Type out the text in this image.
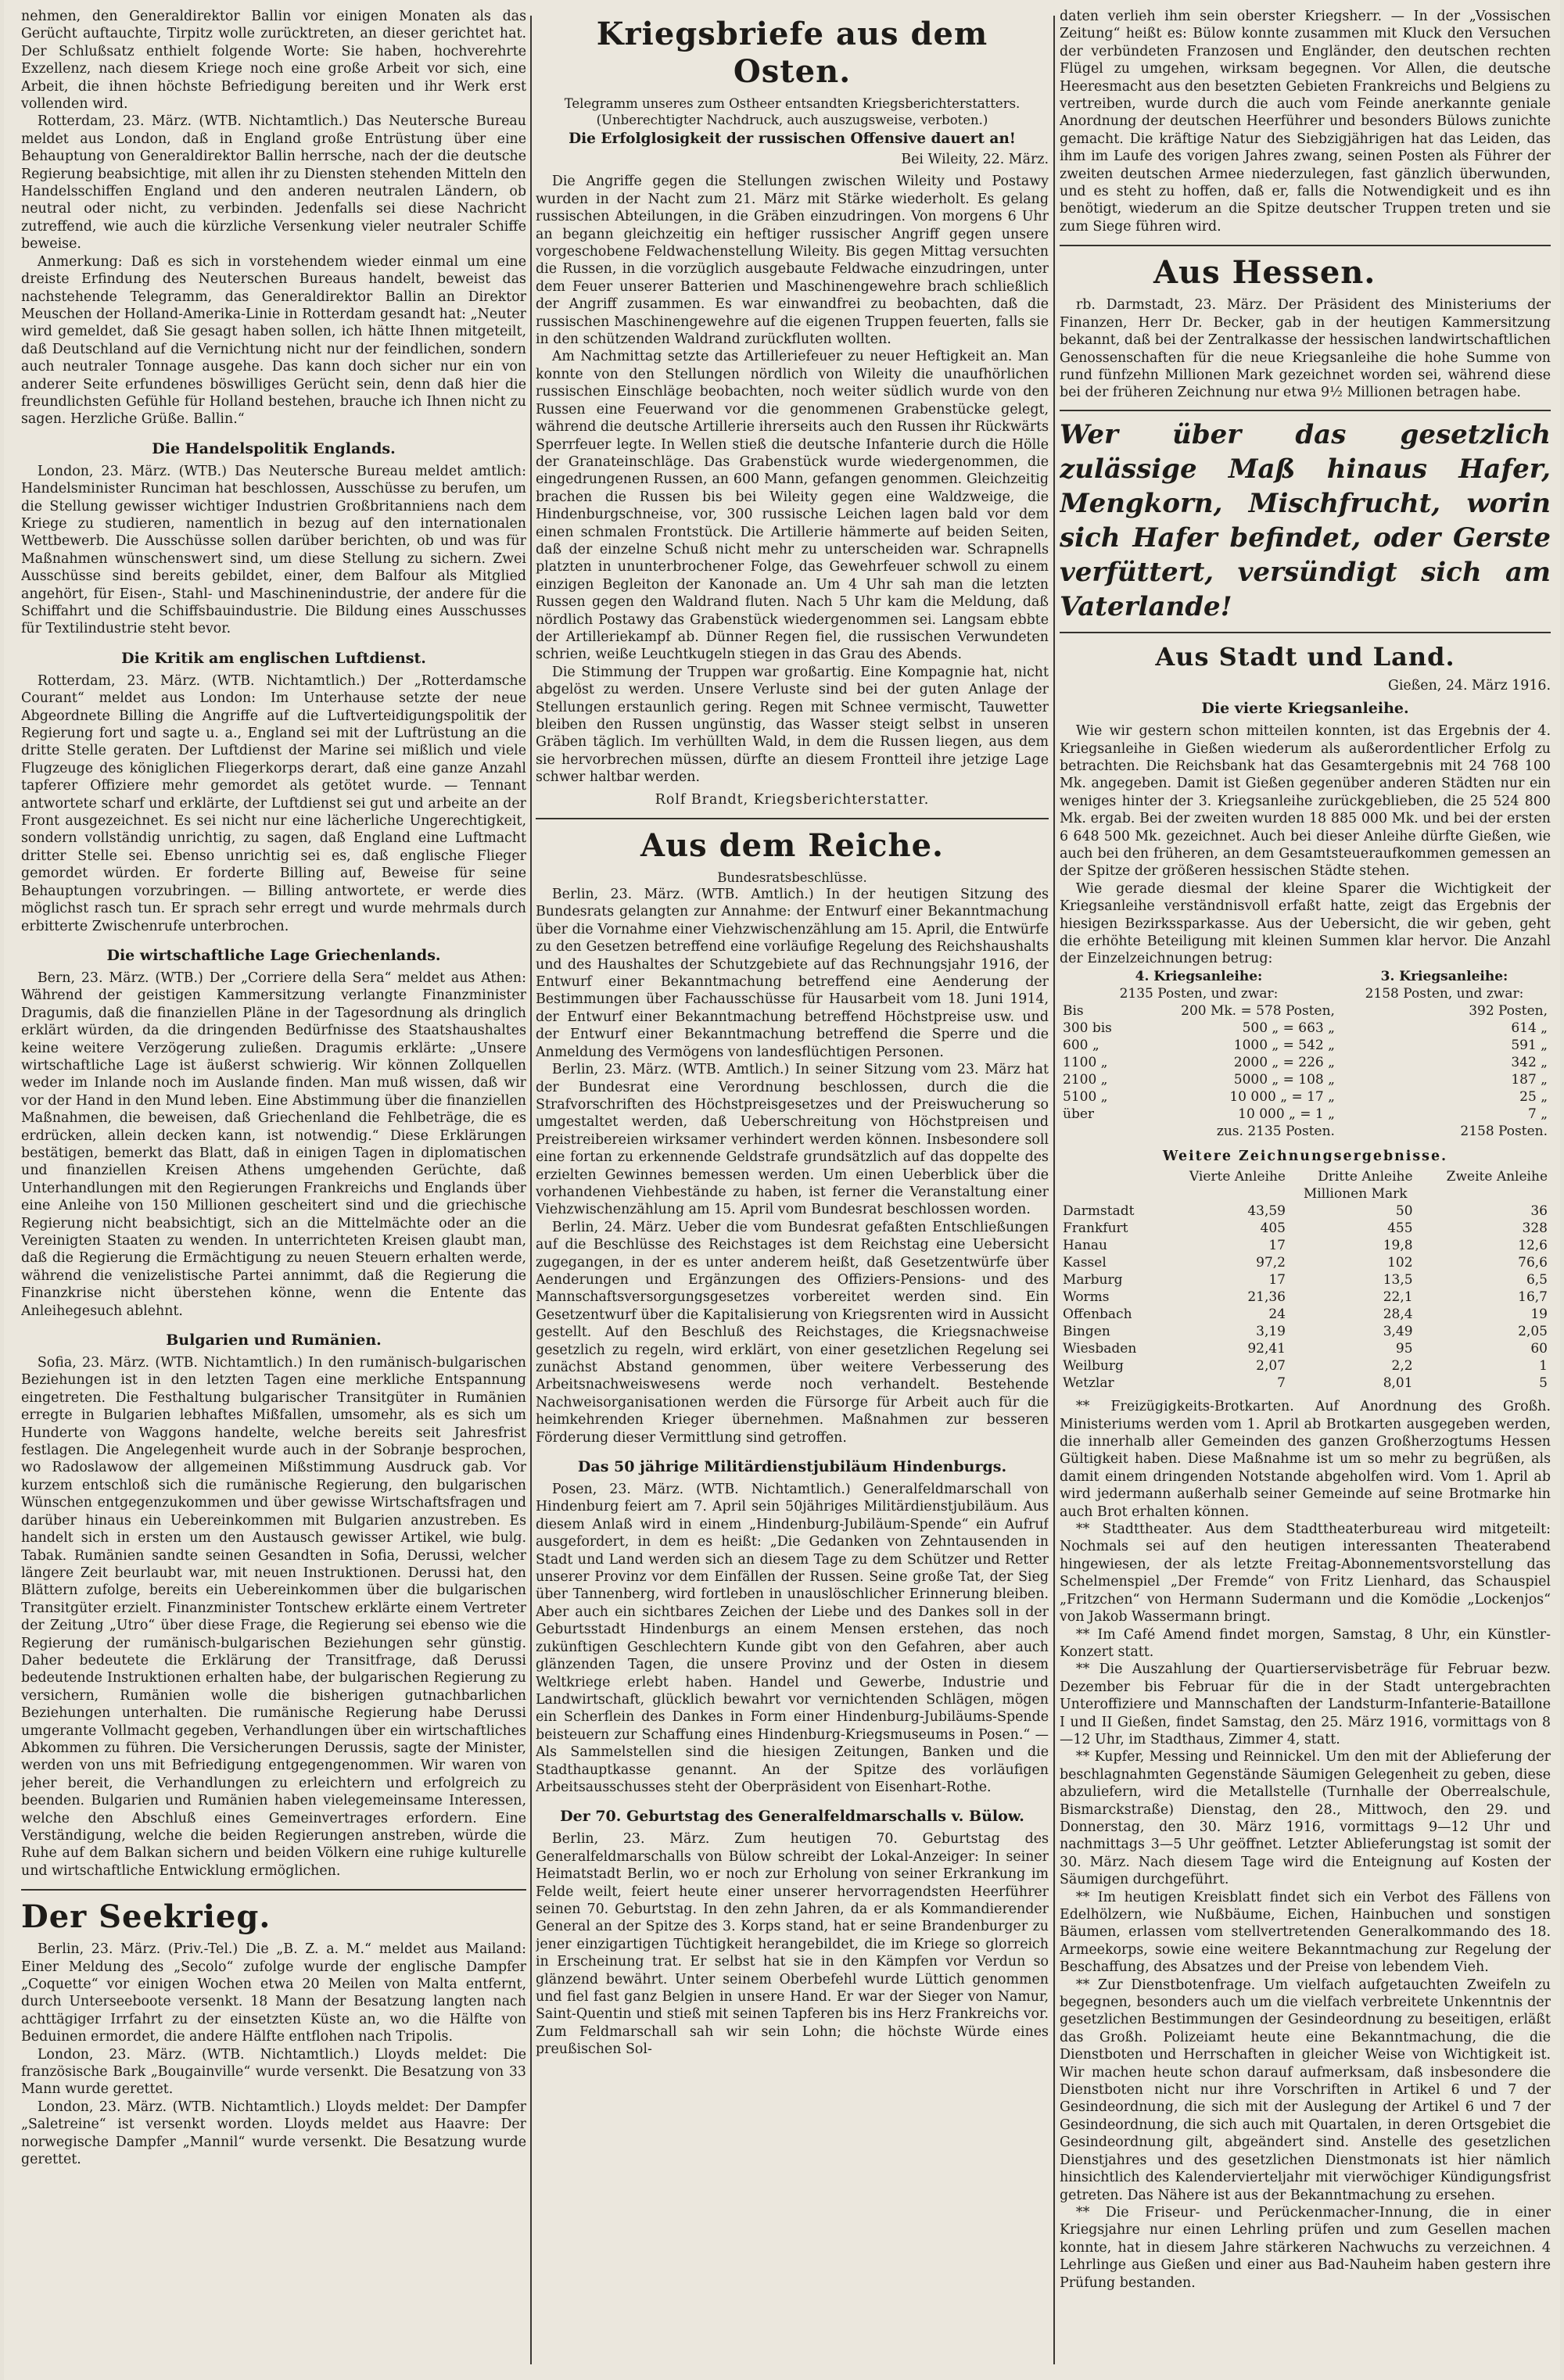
nehmen, den Generaldirektor Ballin vor einigen Monaten als das Gerücht auftauchte, Tirpitz wolle zurücktreten, an dieser gerichtet hat. Der Schlußsatz enthielt folgende Worte: Sie haben, hochverehrte Exzellenz, nach diesem Kriege noch eine große Arbeit vor sich, eine Arbeit, die ihnen höchste Befriedigung bereiten und ihr Werk erst vollenden wird.

Rotterdam, 23. März. (WTB. Nichtamtlich.) Das Neutersche Bureau meldet aus London, daß in England große Entrüstung über eine Behauptung von Generaldirektor Ballin herrsche, nach der die deutsche Regierung beabsichtige, mit allen ihr zu Diensten stehenden Mitteln den Handelsschiffen England und den anderen neutralen Ländern, ob neutral oder nicht, zu verbinden. Jedenfalls sei diese Nachricht zutreffend, wie auch die kürzliche Versenkung vieler neutraler Schiffe beweise.

Anmerkung: Daß es sich in vorstehendem wieder einmal um eine dreiste Erfindung des Neuterschen Bureaus handelt, beweist das nachstehende Telegramm, das Generaldirektor Ballin an Direktor Meuschen der Holland-Amerika-Linie in Rotterdam gesandt hat: „Neuter wird gemeldet, daß Sie gesagt haben sollen, ich hätte Ihnen mitgeteilt, daß Deutschland auf die Vernichtung nicht nur der feindlichen, sondern auch neutraler Tonnage ausgehe. Das kann doch sicher nur ein von anderer Seite erfundenes böswilliges Gerücht sein, denn daß hier die freundlichsten Gefühle für Holland bestehen, brauche ich Ihnen nicht zu sagen. Herzliche Grüße. Ballin.“

Die Handelspolitik Englands.

London, 23. März. (WTB.) Das Neutersche Bureau meldet amtlich: Handelsminister Runciman hat beschlossen, Ausschüsse zu berufen, um die Stellung gewisser wichtiger Industrien Großbritanniens nach dem Kriege zu studieren, namentlich in bezug auf den internationalen Wettbewerb. Die Ausschüsse sollen darüber berichten, ob und was für Maßnahmen wünschenswert sind, um diese Stellung zu sichern. Zwei Ausschüsse sind bereits gebildet, einer, dem Balfour als Mitglied angehört, für Eisen-, Stahl- und Maschinenindustrie, der andere für die Schiffahrt und die Schiffsbauindustrie. Die Bildung eines Ausschusses für Textilindustrie steht bevor.

Die Kritik am englischen Luftdienst.

Rotterdam, 23. März. (WTB. Nichtamtlich.) Der „Rotterdamsche Courant“ meldet aus London: Im Unterhause setzte der neue Abgeordnete Billing die Angriffe auf die Luftverteidigungspolitik der Regierung fort und sagte u. a., England sei mit der Luftrüstung an die dritte Stelle geraten. Der Luftdienst der Marine sei mißlich und viele Flugzeuge des königlichen Fliegerkorps derart, daß eine ganze Anzahl tapferer Offiziere mehr gemordet als getötet wurde. — Tennant antwortete scharf und erklärte, der Luftdienst sei gut und arbeite an der Front ausgezeichnet. Es sei nicht nur eine lächerliche Ungerechtigkeit, sondern vollständig unrichtig, zu sagen, daß England eine Luftmacht dritter Stelle sei. Ebenso unrichtig sei es, daß englische Flieger gemordet würden. Er forderte Billing auf, Beweise für seine Behauptungen vorzubringen. — Billing antwortete, er werde dies möglichst rasch tun. Er sprach sehr erregt und wurde mehrmals durch erbitterte Zwischenrufe unterbrochen.

Die wirtschaftliche Lage Griechenlands.

Bern, 23. März. (WTB.) Der „Corriere della Sera“ meldet aus Athen: Während der geistigen Kammersitzung verlangte Finanzminister Dragumis, daß die finanziellen Pläne in der Tagesordnung als dringlich erklärt würden, da die dringenden Bedürfnisse des Staatshaushaltes keine weitere Verzögerung zuließen. Dragumis erklärte: „Unsere wirtschaftliche Lage ist äußerst schwierig. Wir können Zollquellen weder im Inlande noch im Auslande finden. Man muß wissen, daß wir vor der Hand in den Mund leben. Eine Abstimmung über die finanziellen Maßnahmen, die beweisen, daß Griechenland die Fehlbeträge, die es erdrücken, allein decken kann, ist notwendig.“ Diese Erklärungen bestätigen, bemerkt das Blatt, daß in einigen Tagen in diplomatischen und finanziellen Kreisen Athens umgehenden Gerüchte, daß Unterhandlungen mit den Regierungen Frankreichs und Englands über eine Anleihe von 150 Millionen gescheitert sind und die griechische Regierung nicht beabsichtigt, sich an die Mittelmächte oder an die Vereinigten Staaten zu wenden. In unterrichteten Kreisen glaubt man, daß die Regierung die Ermächtigung zu neuen Steuern erhalten werde, während die venizelistische Partei annimmt, daß die Regierung die Finanzkrise nicht überstehen könne, wenn die Entente das Anleihegesuch ablehnt.

Bulgarien und Rumänien.

Sofia, 23. März. (WTB. Nichtamtlich.) In den rumänisch-bulgarischen Beziehungen ist in den letzten Tagen eine merkliche Entspannung eingetreten. Die Festhaltung bulgarischer Transitgüter in Rumänien erregte in Bulgarien lebhaftes Mißfallen, umsomehr, als es sich um Hunderte von Waggons handelte, welche bereits seit Jahresfrist festlagen. Die Angelegenheit wurde auch in der Sobranje besprochen, wo Radoslawow der allgemeinen Mißstimmung Ausdruck gab. Vor kurzem entschloß sich die rumänische Regierung, den bulgarischen Wünschen entgegenzukommen und über gewisse Wirtschaftsfragen und darüber hinaus ein Uebereinkommen mit Bulgarien anzustreben. Es handelt sich in ersten um den Austausch gewisser Artikel, wie bulg. Tabak. Rumänien sandte seinen Gesandten in Sofia, Derussi, welcher längere Zeit beurlaubt war, mit neuen Instruktionen. Derussi hat, den Blättern zufolge, bereits ein Uebereinkommen über die bulgarischen Transitgüter erzielt. Finanzminister Tontschew erklärte einem Vertreter der Zeitung „Utro“ über diese Frage, die Regierung sei ebenso wie die Regierung der rumänisch-bulgarischen Beziehungen sehr günstig. Daher bedeutete die Erklärung der Transitfrage, daß Derussi bedeutende Instruktionen erhalten habe, der bulgarischen Regierung zu versichern, Rumänien wolle die bisherigen gutnachbarlichen Beziehungen unterhalten. Die rumänische Regierung habe Derussi umgerante Vollmacht gegeben, Verhandlungen über ein wirtschaftliches Abkommen zu führen. Die Versicherungen Derussis, sagte der Minister, werden von uns mit Befriedigung entgegengenommen. Wir waren von jeher bereit, die Verhandlungen zu erleichtern und erfolgreich zu beenden. Bulgarien und Rumänien haben vielegemeinsame Interessen, welche den Abschluß eines Gemeinvertrages erfordern. Eine Verständigung, welche die beiden Regierungen anstreben, würde die Ruhe auf dem Balkan sichern und beiden Völkern eine ruhige kulturelle und wirtschaftliche Entwicklung ermöglichen.

Der Seekrieg.

Berlin, 23. März. (Priv.-Tel.) Die „B. Z. a. M.“ meldet aus Mailand: Einer Meldung des „Secolo“ zufolge wurde der englische Dampfer „Coquette“ vor einigen Wochen etwa 20 Meilen von Malta entfernt, durch Unterseeboote versenkt. 18 Mann der Besatzung langten nach achttägiger Irrfahrt zu der einsetzten Küste an, wo die Hälfte von Beduinen ermordet, die andere Hälfte entflohen nach Tripolis.

London, 23. März. (WTB. Nichtamtlich.) Lloyds meldet: Die französische Bark „Bougainville“ wurde versenkt. Die Besatzung von 33 Mann wurde gerettet.

London, 23. März. (WTB. Nichtamtlich.) Lloyds meldet: Der Dampfer „Saletreine“ ist versenkt worden. Lloyds meldet aus Haavre: Der norwegische Dampfer „Mannil“ wurde versenkt. Die Besatzung wurde gerettet.

Kriegsbriefe aus dem Osten.

Telegramm unseres zum Ostheer entsandten Kriegsberichterstatters.

(Unberechtigter Nachdruck, auch auszugsweise, verboten.)

Die Erfolglosigkeit der russischen Offensive dauert an!

Bei Wileity, 22. März.

Die Angriffe gegen die Stellungen zwischen Wileity und Postawy wurden in der Nacht zum 21. März mit Stärke wiederholt. Es gelang russischen Abteilungen, in die Gräben einzudringen. Von morgens 6 Uhr an begann gleichzeitig ein heftiger russischer Angriff gegen unsere vorgeschobene Feldwachenstellung Wileity. Bis gegen Mittag versuchten die Russen, in die vorzüglich ausgebaute Feldwache einzudringen, unter dem Feuer unserer Batterien und Maschinengewehre brach schließlich der Angriff zusammen. Es war einwandfrei zu beobachten, daß die russischen Maschinengewehre auf die eigenen Truppen feuerten, falls sie in den schützenden Waldrand zurückfluten wollten.

Am Nachmittag setzte das Artilleriefeuer zu neuer Heftigkeit an. Man konnte von den Stellungen nördlich von Wileity die unaufhörlichen russischen Einschläge beobachten, noch weiter südlich wurde von den Russen eine Feuerwand vor die genommenen Grabenstücke gelegt, während die deutsche Artillerie ihrerseits auch den Russen ihr Rückwärts Sperrfeuer legte. In Wellen stieß die deutsche Infanterie durch die Hölle der Granateinschläge. Das Grabenstück wurde wiedergenommen, die eingedrungenen Russen, an 600 Mann, gefangen genommen. Gleichzeitig brachen die Russen bis bei Wileity gegen eine Waldzweige, die Hindenburgschneise, vor, 300 russische Leichen lagen bald vor dem einen schmalen Frontstück. Die Artillerie hämmerte auf beiden Seiten, daß der einzelne Schuß nicht mehr zu unterscheiden war. Schrapnells platzten in ununterbrochener Folge, das Gewehrfeuer schwoll zu einem einzigen Begleiton der Kanonade an. Um 4 Uhr sah man die letzten Russen gegen den Waldrand fluten. Nach 5 Uhr kam die Meldung, daß nördlich Postawy das Grabenstück wiedergenommen sei. Langsam ebbte der Artilleriekampf ab. Dünner Regen fiel, die russischen Verwundeten schrien, weiße Leuchtkugeln stiegen in das Grau des Abends.

Die Stimmung der Truppen war großartig. Eine Kompagnie hat, nicht abgelöst zu werden. Unsere Verluste sind bei der guten Anlage der Stellungen erstaunlich gering. Regen mit Schnee vermischt, Tauwetter bleiben den Russen ungünstig, das Wasser steigt selbst in unseren Gräben täglich. Im verhüllten Wald, in dem die Russen liegen, aus dem sie hervorbrechen müssen, dürfte an diesem Frontteil ihre jetzige Lage schwer haltbar werden.

Rolf Brandt, Kriegsberichterstatter.

Aus dem Reiche.

Bundesratsbeschlüsse.

Berlin, 23. März. (WTB. Amtlich.) In der heutigen Sitzung des Bundesrats gelangten zur Annahme: der Entwurf einer Bekanntmachung über die Vornahme einer Viehzwischenzählung am 15. April, die Entwürfe zu den Gesetzen betreffend eine vorläufige Regelung des Reichshaushalts und des Haushaltes der Schutzgebiete auf das Rechnungsjahr 1916, der Entwurf einer Bekanntmachung betreffend eine Aenderung der Bestimmungen über Fachausschüsse für Hausarbeit vom 18. Juni 1914, der Entwurf einer Bekanntmachung betreffend Höchstpreise usw. und der Entwurf einer Bekanntmachung betreffend die Sperre und die Anmeldung des Vermögens von landesflüchtigen Personen.

Berlin, 23. März. (WTB. Amtlich.) In seiner Sitzung vom 23. März hat der Bundesrat eine Verordnung beschlossen, durch die die Strafvorschriften des Höchstpreisgesetzes und der Preiswucherung so umgestaltet werden, daß Ueberschreitung von Höchstpreisen und Preistreibereien wirksamer verhindert werden können. Insbesondere soll eine fortan zu erkennende Geldstrafe grundsätzlich auf das doppelte des erzielten Gewinnes bemessen werden. Um einen Ueberblick über die vorhandenen Viehbestände zu haben, ist ferner die Veranstaltung einer Viehzwischenzählung am 15. April vom Bundesrat beschlossen worden.

Berlin, 24. März. Ueber die vom Bundesrat gefaßten Entschließungen auf die Beschlüsse des Reichstages ist dem Reichstag eine Uebersicht zugegangen, in der es unter anderem heißt, daß Gesetzentwürfe über Aenderungen und Ergänzungen des Offiziers-Pensions- und des Mannschaftsversorgungsgesetzes vorbereitet werden sind. Ein Gesetzentwurf über die Kapitalisierung von Kriegsrenten wird in Aussicht gestellt. Auf den Beschluß des Reichstages, die Kriegsnachweise gesetzlich zu regeln, wird erklärt, von einer gesetzlichen Regelung sei zunächst Abstand genommen, über weitere Verbesserung des Arbeitsnachweiswesens werde noch verhandelt. Bestehende Nachweisorganisationen werden die Fürsorge für Arbeit auch für die heimkehrenden Krieger übernehmen. Maßnahmen zur besseren Förderung dieser Vermittlung sind getroffen.

Das 50 jährige Militärdienstjubiläum Hindenburgs.

Posen, 23. März. (WTB. Nichtamtlich.) Generalfeldmarschall von Hindenburg feiert am 7. April sein 50jähriges Militärdienstjubiläum. Aus diesem Anlaß wird in einem „Hindenburg-Jubiläum-Spende“ ein Aufruf ausgefordert, in dem es heißt: „Die Gedanken von Zehntausenden in Stadt und Land werden sich an diesem Tage zu dem Schützer und Retter unserer Provinz vor dem Einfällen der Russen. Seine große Tat, der Sieg über Tannenberg, wird fortleben in unauslöschlicher Erinnerung bleiben. Aber auch ein sichtbares Zeichen der Liebe und des Dankes soll in der Geburtsstadt Hindenburgs an einem Mensen erstehen, das noch zukünftigen Geschlechtern Kunde gibt von den Gefahren, aber auch glänzenden Tagen, die unsere Provinz und der Osten in diesem Weltkriege erlebt haben. Handel und Gewerbe, Industrie und Landwirtschaft, glücklich bewahrt vor vernichtenden Schlägen, mögen ein Scherflein des Dankes in Form einer Hindenburg-Jubiläums-Spende beisteuern zur Schaffung eines Hindenburg-Kriegsmuseums in Posen.“ — Als Sammelstellen sind die hiesigen Zeitungen, Banken und die Stadthauptkasse genannt. An der Spitze des vorläufigen Arbeitsausschusses steht der Oberpräsident von Eisenhart-Rothe.

Der 70. Geburtstag des Generalfeldmarschalls v. Bülow.

Berlin, 23. März. Zum heutigen 70. Geburtstag des Generalfeldmarschalls von Bülow schreibt der Lokal-Anzeiger: In seiner Heimatstadt Berlin, wo er noch zur Erholung von seiner Erkrankung im Felde weilt, feiert heute einer unserer hervorragendsten Heerführer seinen 70. Geburtstag. In den zehn Jahren, da er als Kommandierender General an der Spitze des 3. Korps stand, hat er seine Brandenburger zu jener einzigartigen Tüchtigkeit herangebildet, die im Kriege so glorreich in Erscheinung trat. Er selbst hat sie in den Kämpfen vor Verdun so glänzend bewährt. Unter seinem Oberbefehl wurde Lüttich genommen und fiel fast ganz Belgien in unsere Hand. Er war der Sieger von Namur, Saint-Quentin und stieß mit seinen Tapferen bis ins Herz Frankreichs vor. Zum Feldmarschall sah wir sein Lohn; die höchste Würde eines preußischen Sol-

daten verlieh ihm sein oberster Kriegsherr. — In der „Vossischen Zeitung“ heißt es: Bülow konnte zusammen mit Kluck den Versuchen der verbündeten Franzosen und Engländer, den deutschen rechten Flügel zu umgehen, wirksam begegnen. Vor Allen, die deutsche Heeresmacht aus den besetzten Gebieten Frankreichs und Belgiens zu vertreiben, wurde durch die auch vom Feinde anerkannte geniale Anordnung der deutschen Heerführer und besonders Bülows zunichte gemacht. Die kräftige Natur des Siebzigjährigen hat das Leiden, das ihm im Laufe des vorigen Jahres zwang, seinen Posten als Führer der zweiten deutschen Armee niederzulegen, fast gänzlich überwunden, und es steht zu hoffen, daß er, falls die Notwendigkeit und es ihn benötigt, wiederum an die Spitze deutscher Truppen treten und sie zum Siege führen wird.

Aus Hessen.

rb. Darmstadt, 23. März. Der Präsident des Ministeriums der Finanzen, Herr Dr. Becker, gab in der heutigen Kammersitzung bekannt, daß bei der Zentralkasse der hessischen landwirtschaftlichen Genossenschaften für die neue Kriegsanleihe die hohe Summe von rund fünfzehn Millionen Mark gezeichnet worden sei, während diese bei der früheren Zeichnung nur etwa 9½ Millionen betragen habe.

Wer über das gesetzlich zulässige Maß hinaus Hafer, Mengkorn, Mischfrucht, worin sich Hafer befindet, oder Gerste verfüttert, versündigt sich am Vaterlande!
Aus Stadt und Land.

Gießen, 24. März 1916.

Die vierte Kriegsanleihe.

Wie wir gestern schon mitteilen konnten, ist das Ergebnis der 4. Kriegsanleihe in Gießen wiederum als außerordentlicher Erfolg zu betrachten. Die Reichsbank hat das Gesamtergebnis mit 24 768 100 Mk. angegeben. Damit ist Gießen gegenüber anderen Städten nur ein weniges hinter der 3. Kriegsanleihe zurückgeblieben, die 25 524 800 Mk. ergab. Bei der zweiten wurden 18 885 000 Mk. und bei der ersten 6 648 500 Mk. gezeichnet. Auch bei dieser Anleihe dürfte Gießen, wie auch bei den früheren, an dem Gesamtsteueraufkommen gemessen an der Spitze der größeren hessischen Städte stehen.

Wie gerade diesmal der kleine Sparer die Wichtigkeit der Kriegsanleihe verständnisvoll erfaßt hatte, zeigt das Ergebnis der hiesigen Bezirkssparkasse. Aus der Uebersicht, die wir geben, geht die erhöhte Beteiligung mit kleinen Summen klar hervor. Die Anzahl der Einzelzeichnungen betrug:

4. Kriegsanleihe:		3. Kriegsanleihe:
2135 Posten, und zwar:		2158 Posten, und zwar:
Bis	200 Mk. = 578 Posten,	392 Posten,
300 bis	500 „ = 663 „	614 „
600 „	1000 „ = 542 „	591 „
1100 „	2000 „ = 226 „	342 „
2100 „	5000 „ = 108 „	187 „
5100 „	10 000 „ = 17 „	25 „
über	10 000 „ = 1 „	7 „
	zus. 2135 Posten.	2158 Posten.

Weitere Zeichnungsergebnisse.

	Vierte Anleihe	Dritte Anleihe	Zweite Anleihe
	Millionen Mark		
Darmstadt	43,59	50	36
Frankfurt	405	455	328
Hanau	17	19,8	12,6
Kassel	97,2	102	76,6
Marburg	17	13,5	6,5
Worms	21,36	22,1	16,7
Offenbach	24	28,4	19
Bingen	3,19	3,49	2,05
Wiesbaden	92,41	95	60
Weilburg	2,07	2,2	1
Wetzlar	7	8,01	5

** Freizügigkeits-Brotkarten. Auf Anordnung des Großh. Ministeriums werden vom 1. April ab Brotkarten ausgegeben werden, die innerhalb aller Gemeinden des ganzen Großherzogtums Hessen Gültigkeit haben. Diese Maßnahme ist um so mehr zu begrüßen, als damit einem dringenden Notstande abgeholfen wird. Vom 1. April ab wird jedermann außerhalb seiner Gemeinde auf seine Brotmarke hin auch Brot erhalten können.

** Stadttheater. Aus dem Stadttheaterbureau wird mitgeteilt: Nochmals sei auf den heutigen interessanten Theaterabend hingewiesen, der als letzte Freitag-Abonnementsvorstellung das Schelmenspiel „Der Fremde“ von Fritz Lienhard, das Schauspiel „Fritzchen“ von Hermann Sudermann und die Komödie „Lockenjos“ von Jakob Wassermann bringt.

** Im Café Amend findet morgen, Samstag, 8 Uhr, ein Künstler-Konzert statt.

** Die Auszahlung der Quartierservisbeträge für Februar bezw. Dezember bis Februar für die in der Stadt untergebrachten Unteroffiziere und Mannschaften der Landsturm-Infanterie-Bataillone I und II Gießen, findet Samstag, den 25. März 1916, vormittags von 8—12 Uhr, im Stadthaus, Zimmer 4, statt.

** Kupfer, Messing und Reinnickel. Um den mit der Ablieferung der beschlagnahmten Gegenstände Säumigen Gelegenheit zu geben, diese abzuliefern, wird die Metallstelle (Turnhalle der Oberrealschule, Bismarckstraße) Dienstag, den 28., Mittwoch, den 29. und Donnerstag, den 30. März 1916, vormittags 9—12 Uhr und nachmittags 3—5 Uhr geöffnet. Letzter Ablieferungstag ist somit der 30. März. Nach diesem Tage wird die Enteignung auf Kosten der Säumigen durchgeführt.

** Im heutigen Kreisblatt findet sich ein Verbot des Fällens von Edelhölzern, wie Nußbäume, Eichen, Hainbuchen und sonstigen Bäumen, erlassen vom stellvertretenden Generalkommando des 18. Armeekorps, sowie eine weitere Bekanntmachung zur Regelung der Beschaffung, des Absatzes und der Preise von lebendem Vieh.

** Zur Dienstbotenfrage. Um vielfach aufgetauchten Zweifeln zu begegnen, besonders auch um die vielfach verbreitete Unkenntnis der gesetzlichen Bestimmungen der Gesindeordnung zu beseitigen, erläßt das Großh. Polizeiamt heute eine Bekanntmachung, die die Dienstboten und Herrschaften in gleicher Weise von Wichtigkeit ist. Wir machen heute schon darauf aufmerksam, daß insbesondere die Dienstboten nicht nur ihre Vorschriften in Artikel 6 und 7 der Gesindeordnung, die sich mit der Auslegung der Artikel 6 und 7 der Gesindeordnung, die sich auch mit Quartalen, in deren Ortsgebiet die Gesindeordnung gilt, abgeändert sind. Anstelle des gesetzlichen Dienstjahres und des gesetzlichen Dienstmonats ist hier nämlich hinsichtlich des Kalendervierteljahr mit vierwöchiger Kündigungsfrist getreten. Das Nähere ist aus der Bekanntmachung zu ersehen.

** Die Friseur- und Perückenmacher-Innung, die in einer Kriegsjahre nur einen Lehrling prüfen und zum Gesellen machen konnte, hat in diesem Jahre stärkeren Nachwuchs zu verzeichnen. 4 Lehrlinge aus Gießen und einer aus Bad-Nauheim haben gestern ihre Prüfung bestanden.
